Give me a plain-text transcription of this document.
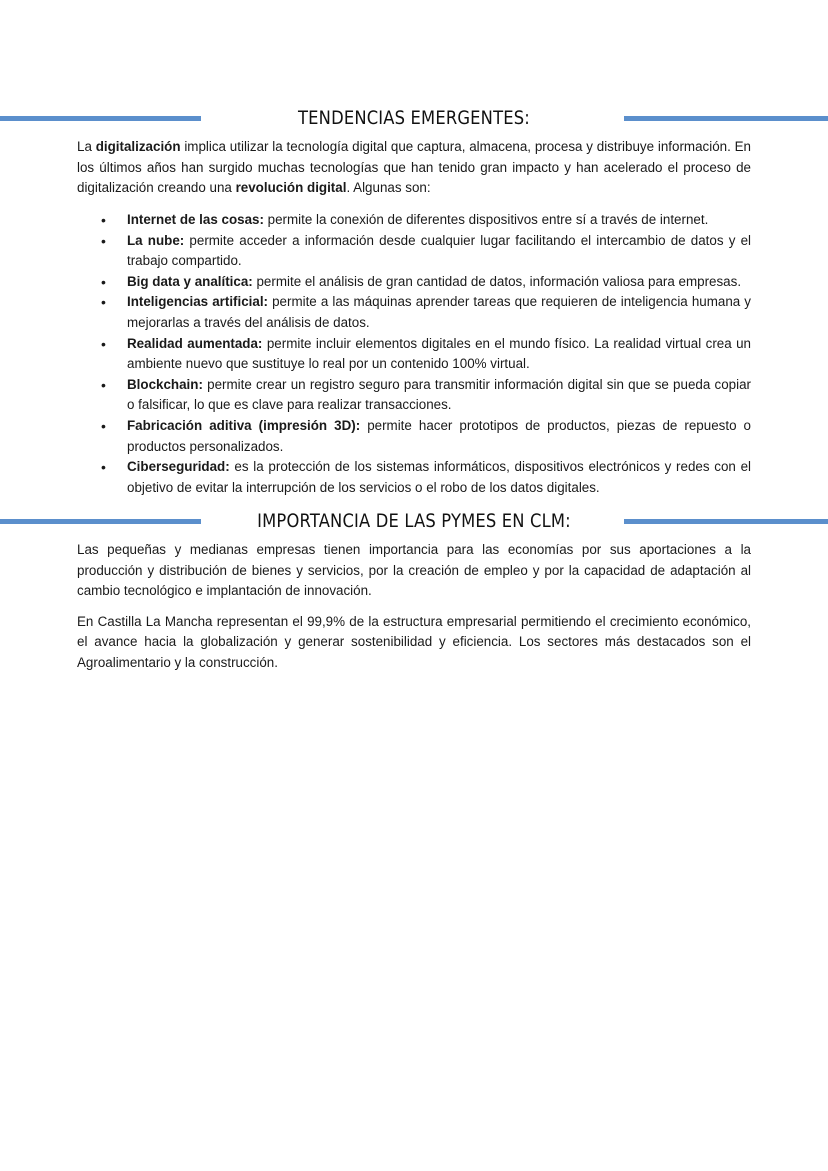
TENDENCIAS EMERGENTES:
La digitalización implica utilizar la tecnología digital que captura, almacena, procesa y distribuye información. En los últimos años han surgido muchas tecnologías que han tenido gran impacto y han acelerado el proceso de digitalización creando una revolución digital. Algunas son:
• Internet de las cosas: permite la conexión de diferentes dispositivos entre sí a través de internet.
• La nube: permite acceder a información desde cualquier lugar facilitando el intercambio de datos y el trabajo compartido.
• Big data y analítica: permite el análisis de gran cantidad de datos, información valiosa para empresas.
• Inteligencias artificial: permite a las máquinas aprender tareas que requieren de inteligencia humana y mejorarlas a través del análisis de datos.
• Realidad aumentada: permite incluir elementos digitales en el mundo físico. La realidad virtual crea un ambiente nuevo que sustituye lo real por un contenido 100% virtual.
• Blockchain: permite crear un registro seguro para transmitir información digital sin que se pueda copiar o falsificar, lo que es clave para realizar transacciones.
• Fabricación aditiva (impresión 3D): permite hacer prototipos de productos, piezas de repuesto o productos personalizados.
• Ciberseguridad: es la protección de los sistemas informáticos, dispositivos electrónicos y redes con el objetivo de evitar la interrupción de los servicios o el robo de los datos digitales.
IMPORTANCIA DE LAS PYMES EN CLM:
Las pequeñas y medianas empresas tienen importancia para las economías por sus aportaciones a la producción y distribución de bienes y servicios, por la creación de empleo y por la capacidad de adaptación al cambio tecnológico e implantación de innovación.
En Castilla La Mancha representan el 99,9% de la estructura empresarial permitiendo el crecimiento económico, el avance hacia la globalización y generar sostenibilidad y eficiencia. Los sectores más destacados son el Agroalimentario y la construcción.
